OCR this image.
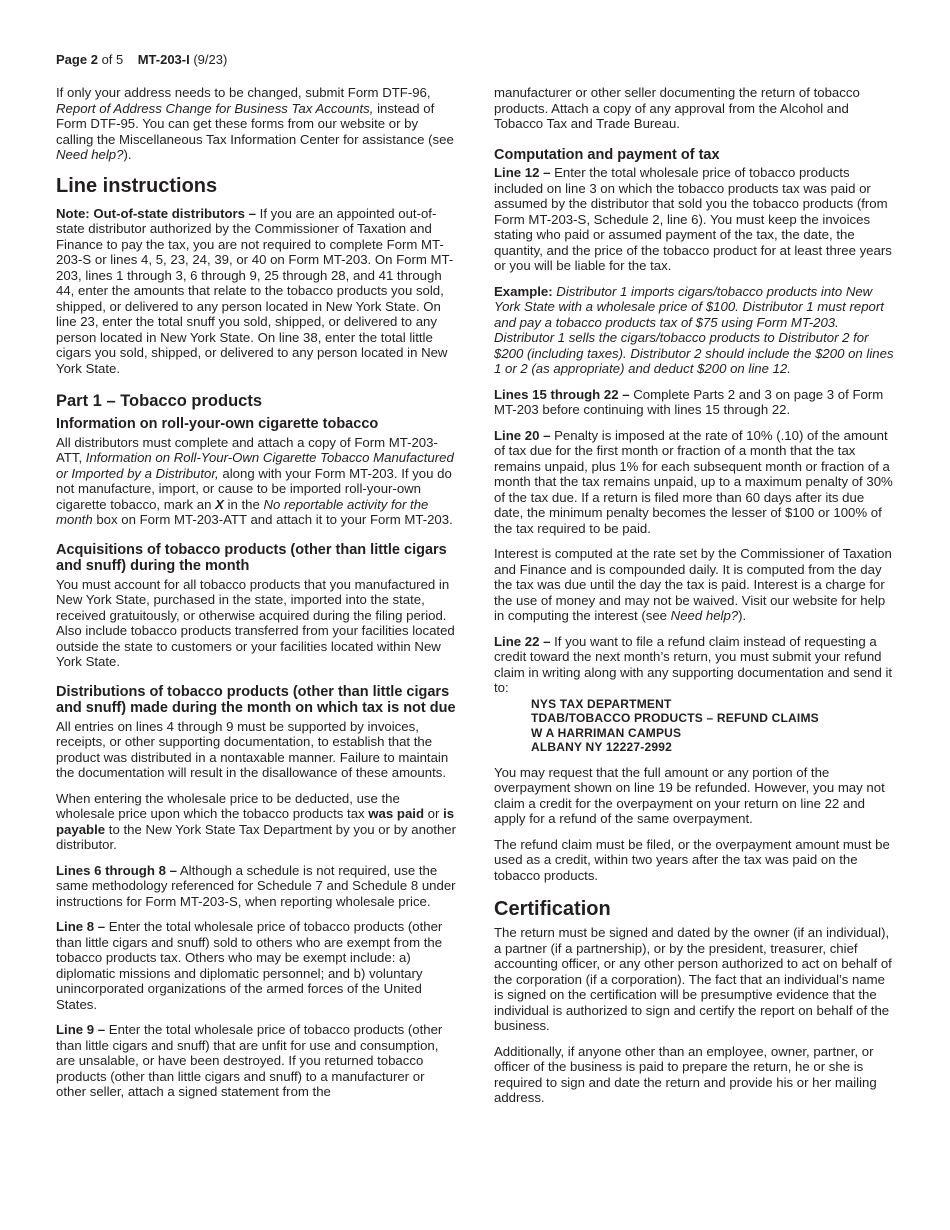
Page 2 of 5 MT-203-I (9/23)

If only your address needs to be changed, submit Form DTF-96, Report of Address Change for Business Tax Accounts, instead of Form DTF-95. You can get these forms from our website or by calling the Miscellaneous Tax Information Center for assistance (see Need help?).

Line instructions

Note: Out-of-state distributors – If you are an appointed out-of-state distributor authorized by the Commissioner of Taxation and Finance to pay the tax, you are not required to complete Form MT-203-S or lines 4, 5, 23, 24, 39, or 40 on Form MT-203. On Form MT-203, lines 1 through 3, 6 through 9, 25 through 28, and 41 through 44, enter the amounts that relate to the tobacco products you sold, shipped, or delivered to any person located in New York State. On line 23, enter the total snuff you sold, shipped, or delivered to any person located in New York State. On line 38, enter the total little cigars you sold, shipped, or delivered to any person located in New York State.

Part 1 – Tobacco products
Information on roll-your-own cigarette tobacco

All distributors must complete and attach a copy of Form MT-203-ATT, Information on Roll-Your-Own Cigarette Tobacco Manufactured or Imported by a Distributor, along with your Form MT-203. If you do not manufacture, import, or cause to be imported roll-your-own cigarette tobacco, mark an X in the No reportable activity for the month box on Form MT-203-ATT and attach it to your Form MT-203.

Acquisitions of tobacco products (other than little cigars and snuff) during the month

You must account for all tobacco products that you manufactured in New York State, purchased in the state, imported into the state, received gratuitously, or otherwise acquired during the filing period. Also include tobacco products transferred from your facilities located outside the state to customers or your facilities located within New York State.

Distributions of tobacco products (other than little cigars and snuff) made during the month on which tax is not due

All entries on lines 4 through 9 must be supported by invoices, receipts, or other supporting documentation, to establish that the product was distributed in a nontaxable manner. Failure to maintain the documentation will result in the disallowance of these amounts.

When entering the wholesale price to be deducted, use the wholesale price upon which the tobacco products tax was paid or is payable to the New York State Tax Department by you or by another distributor.

Lines 6 through 8 – Although a schedule is not required, use the same methodology referenced for Schedule 7 and Schedule 8 under instructions for Form MT-203-S, when reporting wholesale price.

Line 8 – Enter the total wholesale price of tobacco products (other than little cigars and snuff) sold to others who are exempt from the tobacco products tax. Others who may be exempt include: a) diplomatic missions and diplomatic personnel; and b) voluntary unincorporated organizations of the armed forces of the United States.

Line 9 – Enter the total wholesale price of tobacco products (other than little cigars and snuff) that are unfit for use and consumption, are unsalable, or have been destroyed. If you returned tobacco products (other than little cigars and snuff) to a manufacturer or other seller, attach a signed statement from the

manufacturer or other seller documenting the return of tobacco products. Attach a copy of any approval from the Alcohol and Tobacco Tax and Trade Bureau.

Computation and payment of tax

Line 12 – Enter the total wholesale price of tobacco products included on line 3 on which the tobacco products tax was paid or assumed by the distributor that sold you the tobacco products (from Form MT-203-S, Schedule 2, line 6). You must keep the invoices stating who paid or assumed payment of the tax, the date, the quantity, and the price of the tobacco product for at least three years or you will be liable for the tax.

Example: Distributor 1 imports cigars/tobacco products into New York State with a wholesale price of $100. Distributor 1 must report and pay a tobacco products tax of $75 using Form MT-203. Distributor 1 sells the cigars/tobacco products to Distributor 2 for $200 (including taxes). Distributor 2 should include the $200 on lines 1 or 2 (as appropriate) and deduct $200 on line 12.

Lines 15 through 22 – Complete Parts 2 and 3 on page 3 of Form MT-203 before continuing with lines 15 through 22.

Line 20 – Penalty is imposed at the rate of 10% (.10) of the amount of tax due for the first month or fraction of a month that the tax remains unpaid, plus 1% for each subsequent month or fraction of a month that the tax remains unpaid, up to a maximum penalty of 30% of the tax due. If a return is filed more than 60 days after its due date, the minimum penalty becomes the lesser of $100 or 100% of the tax required to be paid.

Interest is computed at the rate set by the Commissioner of Taxation and Finance and is compounded daily. It is computed from the day the tax was due until the day the tax is paid. Interest is a charge for the use of money and may not be waived. Visit our website for help in computing the interest (see Need help?).

Line 22 – If you want to file a refund claim instead of requesting a credit toward the next month’s return, you must submit your refund claim in writing along with any supporting documentation and send it to:

NYS TAX DEPARTMENT
TDAB/TOBACCO PRODUCTS – REFUND CLAIMS
W A HARRIMAN CAMPUS
ALBANY NY 12227-2992

You may request that the full amount or any portion of the overpayment shown on line 19 be refunded. However, you may not claim a credit for the overpayment on your return on line 22 and apply for a refund of the same overpayment.

The refund claim must be filed, or the overpayment amount must be used as a credit, within two years after the tax was paid on the tobacco products.

Certification

The return must be signed and dated by the owner (if an individual), a partner (if a partnership), or by the president, treasurer, chief accounting officer, or any other person authorized to act on behalf of the corporation (if a corporation). The fact that an individual’s name is signed on the certification will be presumptive evidence that the individual is authorized to sign and certify the report on behalf of the business.

Additionally, if anyone other than an employee, owner, partner, or officer of the business is paid to prepare the return, he or she is required to sign and date the return and provide his or her mailing address.
